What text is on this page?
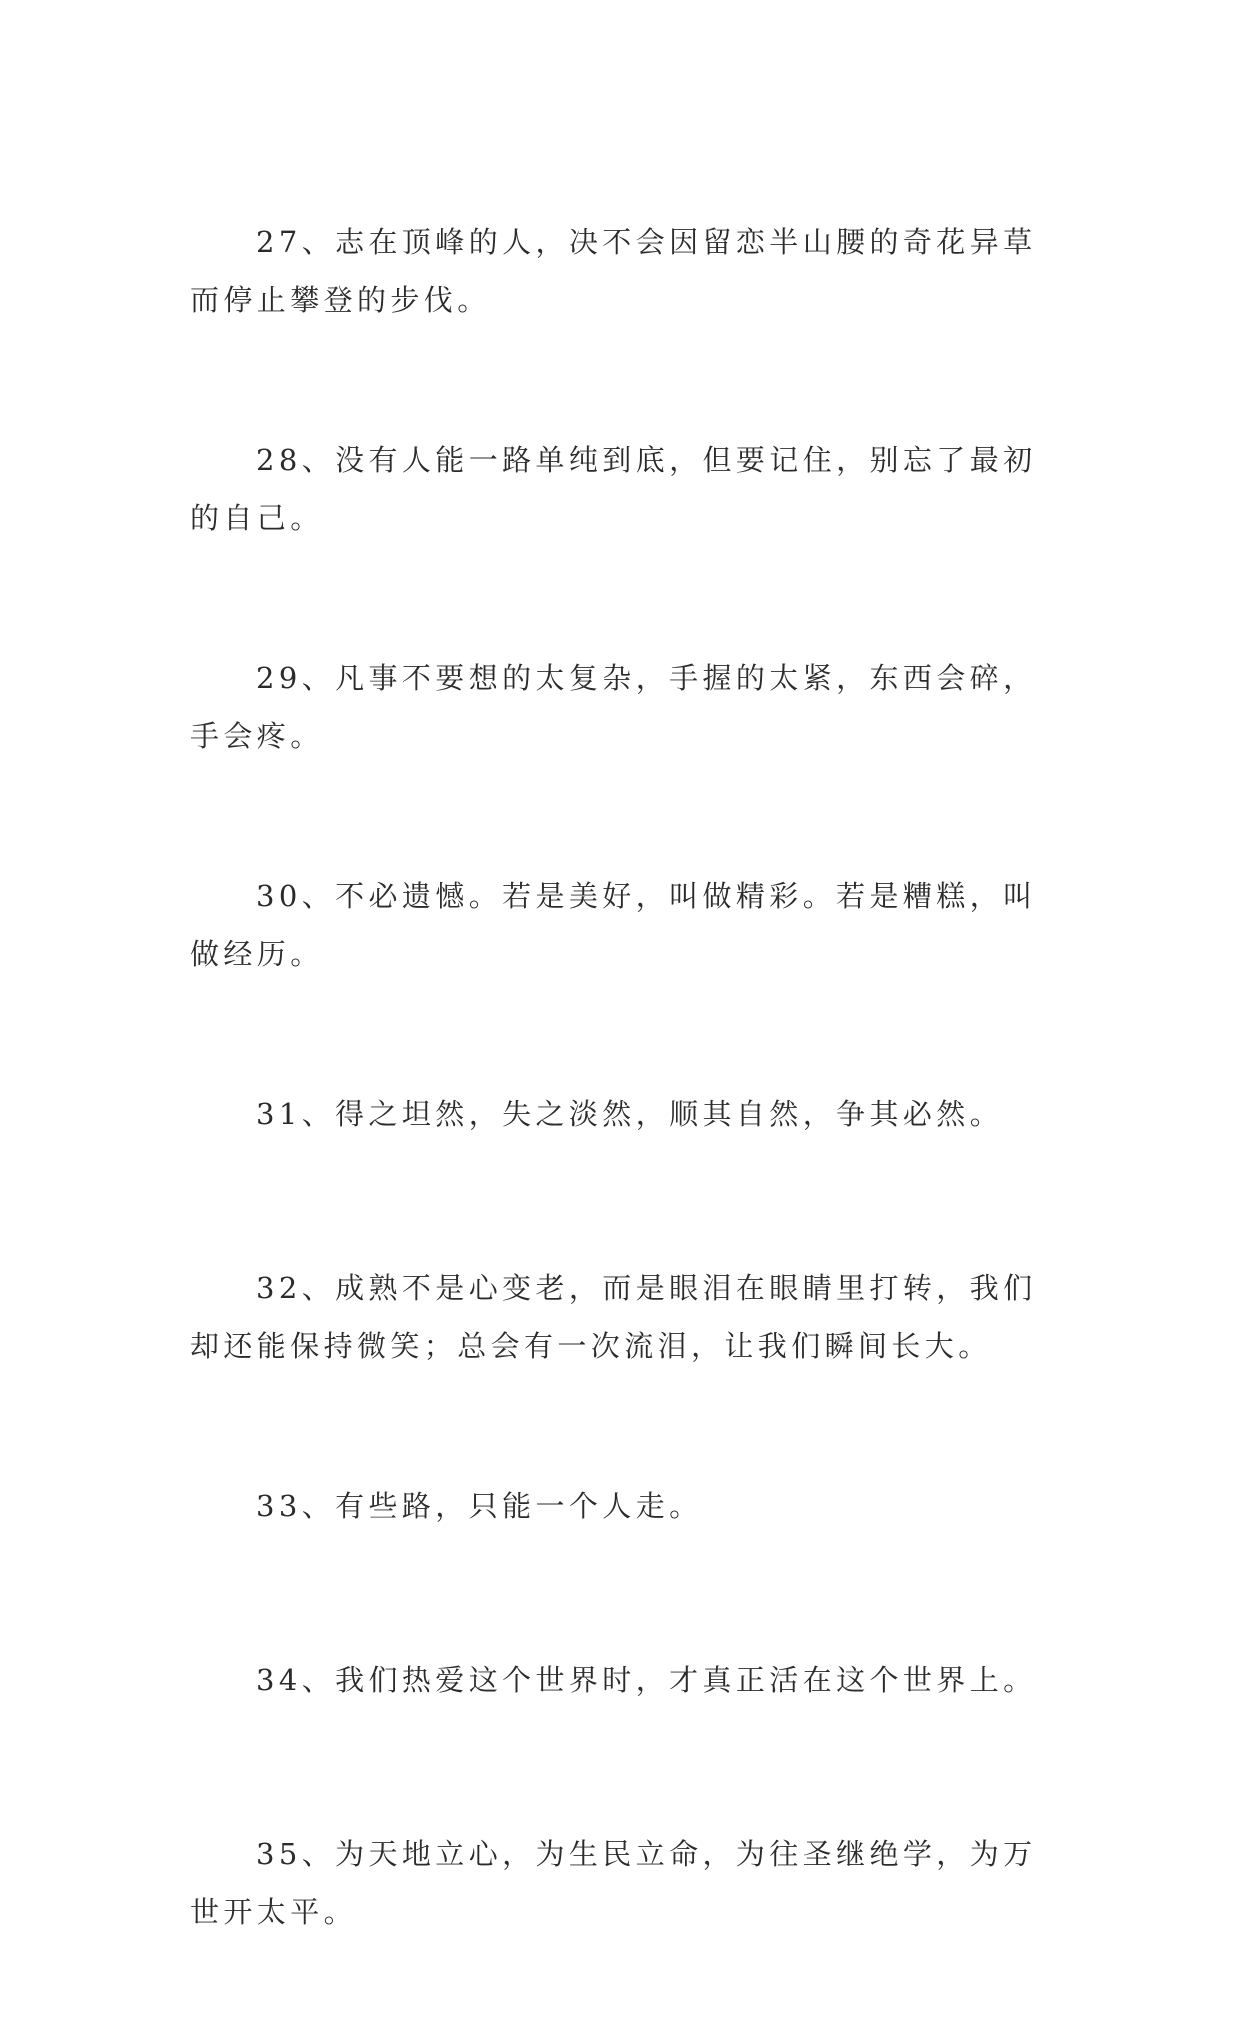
27、志在顶峰的人，决不会因留恋半山腰的奇花异草而停止攀登的步伐。

28、没有人能一路单纯到底，但要记住，别忘了最初的自己。

29、凡事不要想的太复杂，手握的太紧，东西会碎，手会疼。

30、不必遗憾。若是美好，叫做精彩。若是糟糕，叫做经历。

31、得之坦然，失之淡然，顺其自然，争其必然。

32、成熟不是心变老，而是眼泪在眼睛里打转，我们却还能保持微笑；总会有一次流泪，让我们瞬间长大。

33、有些路，只能一个人走。

34、我们热爱这个世界时，才真正活在这个世界上。

35、为天地立心，为生民立命，为往圣继绝学，为万世开太平。
